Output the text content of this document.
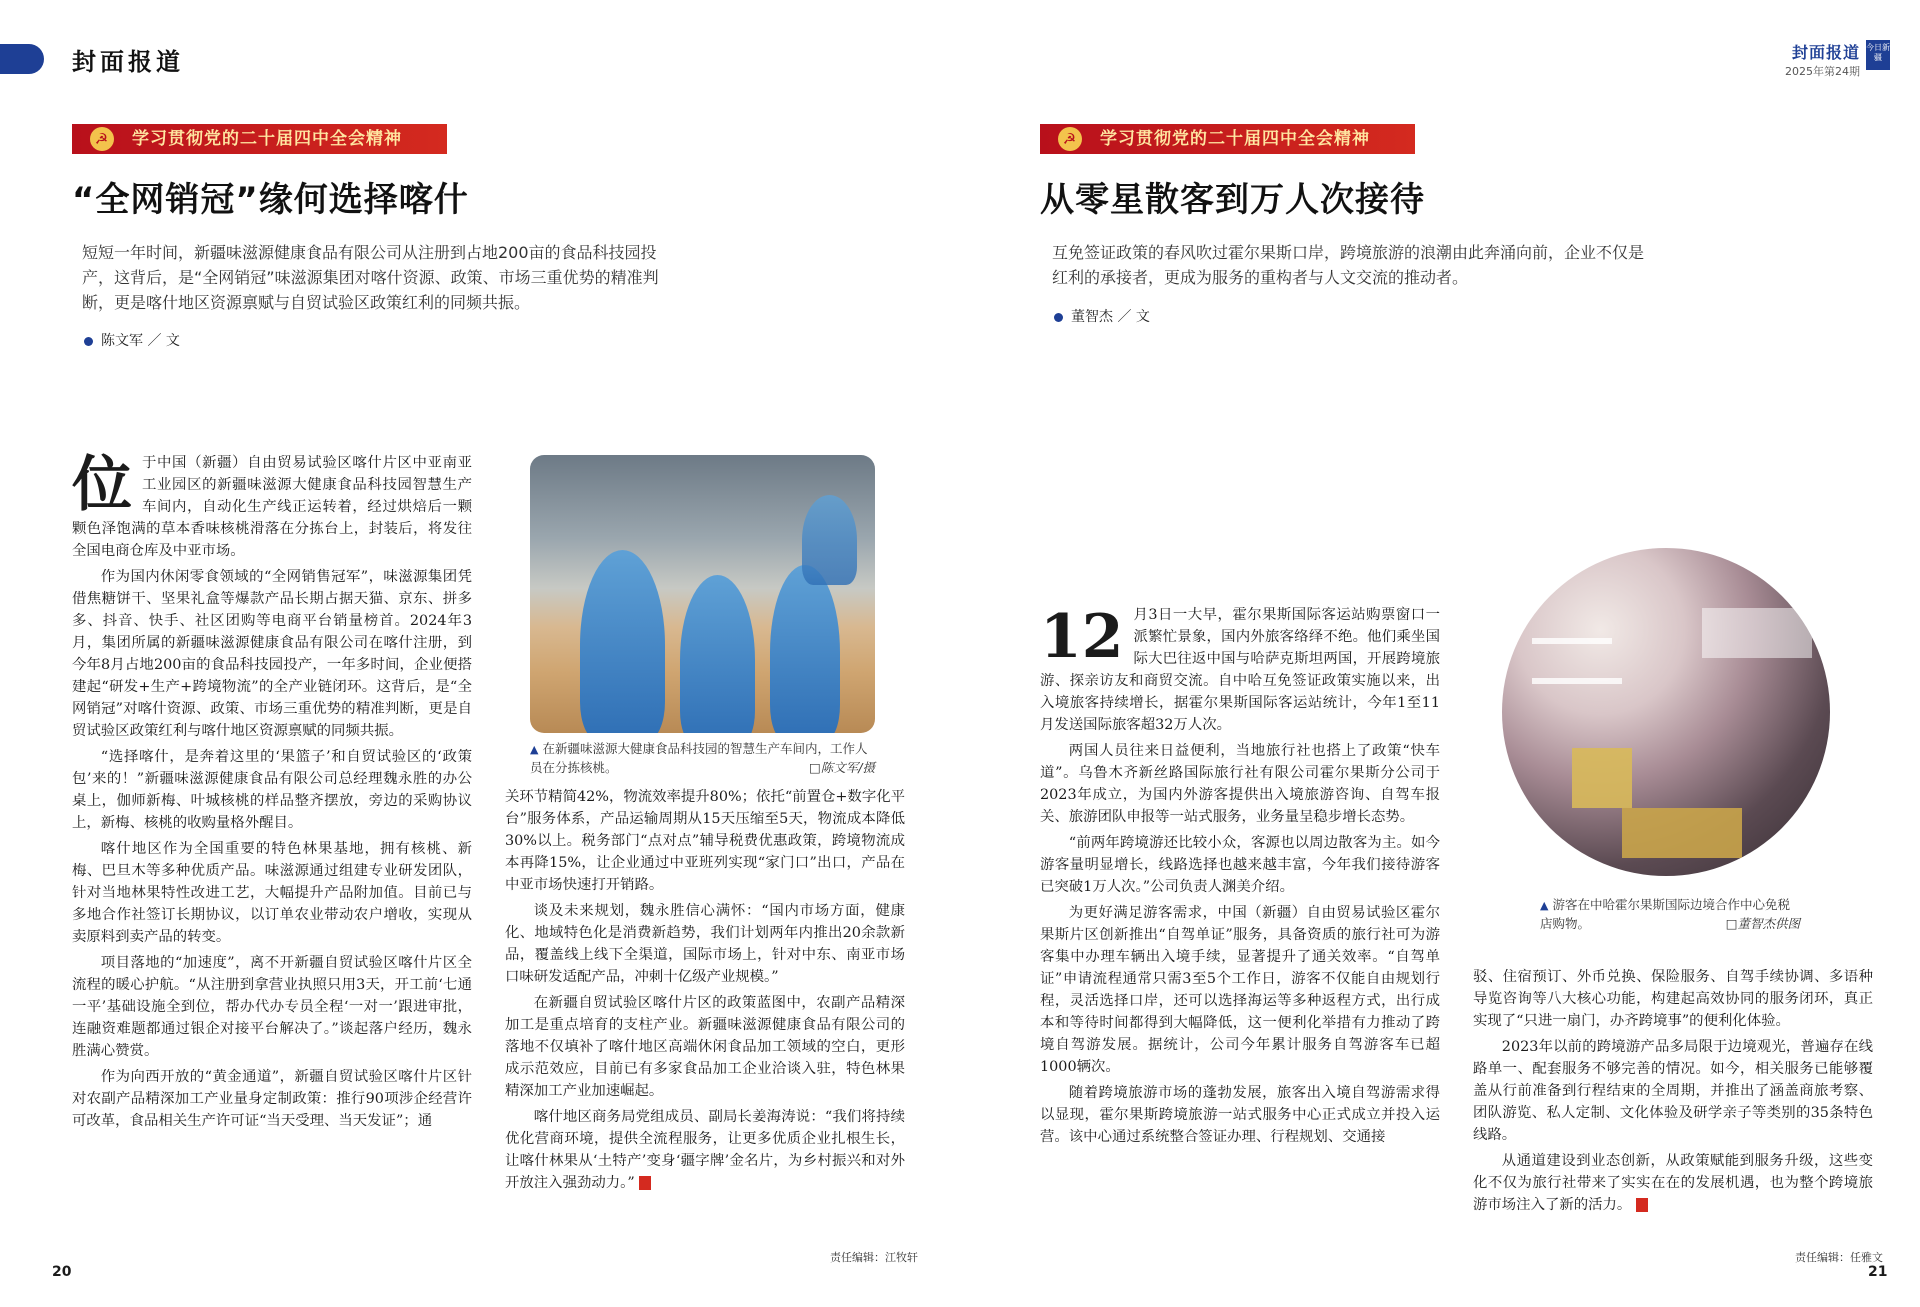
封面报道	封面报道
2025年第24期
今日新疆
☭ 学习贯彻党的二十届四中全会精神
“全网销冠”缘何选择喀什
短短一年时间，新疆味滋源健康食品有限公司从注册到占地200亩的食品科技园投产，这背后，是“全网销冠”味滋源集团对喀什资源、政策、市场三重优势的精准判断，更是喀什地区资源禀赋与自贸试验区政策红利的同频共振。
陈文军 ／ 文

位于中国（新疆）自由贸易试验区喀什片区中亚南亚工业园区的新疆味滋源大健康食品科技园智慧生产车间内，自动化生产线正运转着，经过烘焙后一颗颗色泽饱满的草本香味核桃滑落在分拣台上，封装后，将发往全国电商仓库及中亚市场。

作为国内休闲零食领域的“全网销售冠军”，味滋源集团凭借焦糖饼干、坚果礼盒等爆款产品长期占据天猫、京东、拼多多、抖音、快手、社区团购等电商平台销量榜首。2024年3月，集团所属的新疆味滋源健康食品有限公司在喀什注册，到今年8月占地200亩的食品科技园投产，一年多时间，企业便搭建起“研发+生产+跨境物流”的全产业链闭环。这背后，是“全网销冠”对喀什资源、政策、市场三重优势的精准判断，更是自贸试验区政策红利与喀什地区资源禀赋的同频共振。

“选择喀什，是奔着这里的‘果篮子’和自贸试验区的‘政策包’来的！”新疆味滋源健康食品有限公司总经理魏永胜的办公桌上，伽师新梅、叶城核桃的样品整齐摆放，旁边的采购协议上，新梅、核桃的收购量格外醒目。

喀什地区作为全国重要的特色林果基地，拥有核桃、新梅、巴旦木等多种优质产品。味滋源通过组建专业研发团队，针对当地林果特性改进工艺，大幅提升产品附加值。目前已与多地合作社签订长期协议，以订单农业带动农户增收，实现从卖原料到卖产品的转变。

项目落地的“加速度”，离不开新疆自贸试验区喀什片区全流程的暖心护航。“从注册到拿营业执照只用3天，开工前‘七通一平’基础设施全到位，帮办代办专员全程‘一对一’跟进审批，连融资难题都通过银企对接平台解决了。”谈起落户经历，魏永胜满心赞赏。

作为向西开放的“黄金通道”，新疆自贸试验区喀什片区针对农副产品精深加工产业量身定制政策：推行90项涉企经营许可改革，食品相关生产许可证“当天受理、当天发证”；通

▲ 在新疆味滋源大健康食品科技园的智慧生产车间内，工作人员在分拣核桃。	□陈文军/摄

关环节精简42%，物流效率提升80%；依托“前置仓+数字化平台”服务体系，产品运输周期从15天压缩至5天，物流成本降低30%以上。税务部门“点对点”辅导税费优惠政策，跨境物流成本再降15%，让企业通过中亚班列实现“家门口”出口，产品在中亚市场快速打开销路。

谈及未来规划，魏永胜信心满怀：“国内市场方面，健康化、地域特色化是消费新趋势，我们计划两年内推出20余款新品，覆盖线上线下全渠道，国际市场上，针对中东、南亚市场口味研发适配产品，冲刺十亿级产业规模。”

在新疆自贸试验区喀什片区的政策蓝图中，农副产品精深加工是重点培育的支柱产业。新疆味滋源健康食品有限公司的落地不仅填补了喀什地区高端休闲食品加工领域的空白，更形成示范效应，目前已有多家食品加工企业洽谈入驻，特色林果精深加工产业加速崛起。

喀什地区商务局党组成员、副局长姜海涛说：“我们将持续优化营商环境，提供全流程服务，让更多优质企业扎根生长，让喀什林果从‘土特产’变身‘疆字牌’金名片，为乡村振兴和对外开放注入强劲动力。”	J

20
责任编辑：江牧轩
☭ 学习贯彻党的二十届四中全会精神
从零星散客到万人次接待
互免签证政策的春风吹过霍尔果斯口岸，跨境旅游的浪潮由此奔涌向前，企业不仅是红利的承接者，更成为服务的重构者与人文交流的推动者。
董智杰 ／ 文

12 月3日一大早，霍尔果斯国际客运站购票窗口一派繁忙景象，国内外旅客络绎不绝。他们乘坐国际大巴往返中国与哈萨克斯坦两国，开展跨境旅游、探亲访友和商贸交流。自中哈互免签证政策实施以来，出入境旅客持续增长，据霍尔果斯国际客运站统计，今年1至11月发送国际旅客超32万人次。

两国人员往来日益便利，当地旅行社也搭上了政策“快车道”。乌鲁木齐新丝路国际旅行社有限公司霍尔果斯分公司于2023年成立，为国内外游客提供出入境旅游咨询、自驾车报关、旅游团队申报等一站式服务，业务量呈稳步增长态势。

“前两年跨境游还比较小众，客源也以周边散客为主。如今游客量明显增长，线路选择也越来越丰富，今年我们接待游客已突破1万人次。”公司负责人渊美介绍。

为更好满足游客需求，中国（新疆）自由贸易试验区霍尔果斯片区创新推出“自驾单证”服务，具备资质的旅行社可为游客集中办理车辆出入境手续，显著提升了通关效率。“自驾单证”申请流程通常只需3至5个工作日，游客不仅能自由规划行程，灵活选择口岸，还可以选择海运等多种返程方式，出行成本和等待时间都得到大幅降低，这一便利化举措有力推动了跨境自驾游发展。据统计，公司今年累计服务自驾游客车已超1000辆次。

随着跨境旅游市场的蓬勃发展，旅客出入境自驾游需求得以显现，霍尔果斯跨境旅游一站式服务中心正式成立并投入运营。该中心通过系统整合签证办理、行程规划、交通接

▲ 游客在中哈霍尔果斯国际边境合作中心免税店购物。	□董智杰供图

驳、住宿预订、外币兑换、保险服务、自驾手续协调、多语种导览咨询等八大核心功能，构建起高效协同的服务闭环，真正实现了“只进一扇门，办齐跨境事”的便利化体验。

2023年以前的跨境游产品多局限于边境观光，普遍存在线路单一、配套服务不够完善的情况。如今，相关服务已能够覆盖从行前准备到行程结束的全周期，并推出了涵盖商旅考察、团队游览、私人定制、文化体验及研学亲子等类别的35条特色线路。

从通道建设到业态创新，从政策赋能到服务升级，这些变化不仅为旅行社带来了实实在在的发展机遇，也为整个跨境旅游市场注入了新的活力。	J

责任编辑：任雅文
21
